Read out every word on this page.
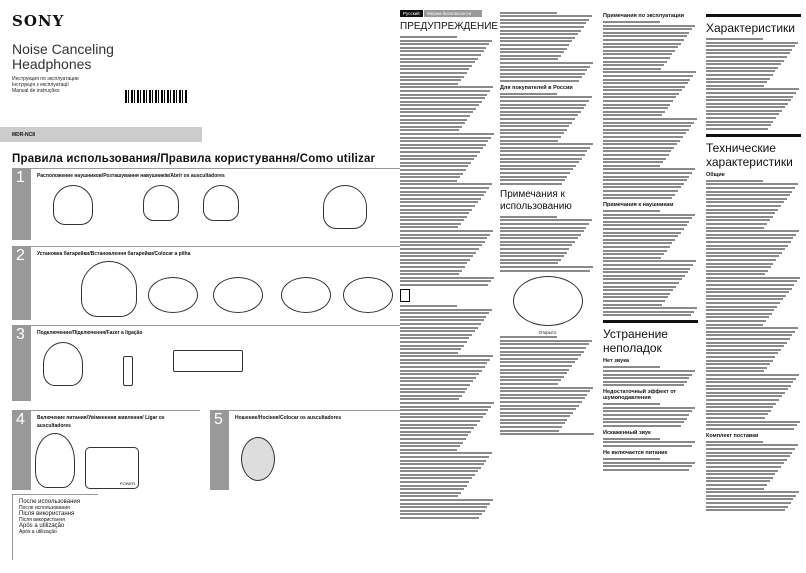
SONY
Noise Canceling Headphones
Инструкция по эксплуатации
Інструкція з експлуатації
Manual de instruções
MDR-NC8
Правила использования/Правила користування/Como utilizar
1	Расположение наушников/Розташування навушників/Abrir os auscultadores
2	Установка батарейки/Встановлення батарейки/Colocar a pilha
3	Подключение/Підключення/Fazer a ligação
4	Включение питания/Увімкнення живлення/ Ligar os auscultadores
POWER
5	Ношение/Носіння/Colocar os auscultadores
После использования
После использования
Після використання
Після використання
Após a utilização
Após a utilização
Русский Мерам безопасности
ПРЕДУПРЕЖДЕНИЕ
Для покупателей в России
Примечания к использованию
Открыто
Примечания по эксплуатации
Примечания к наушникам
Устранение неполадок
Нет звука
Недостаточный эффект от шумоподавления
Искаженный звук
Не включается питание
Характеристики
Технические характеристики
Общие
Комплект поставки
